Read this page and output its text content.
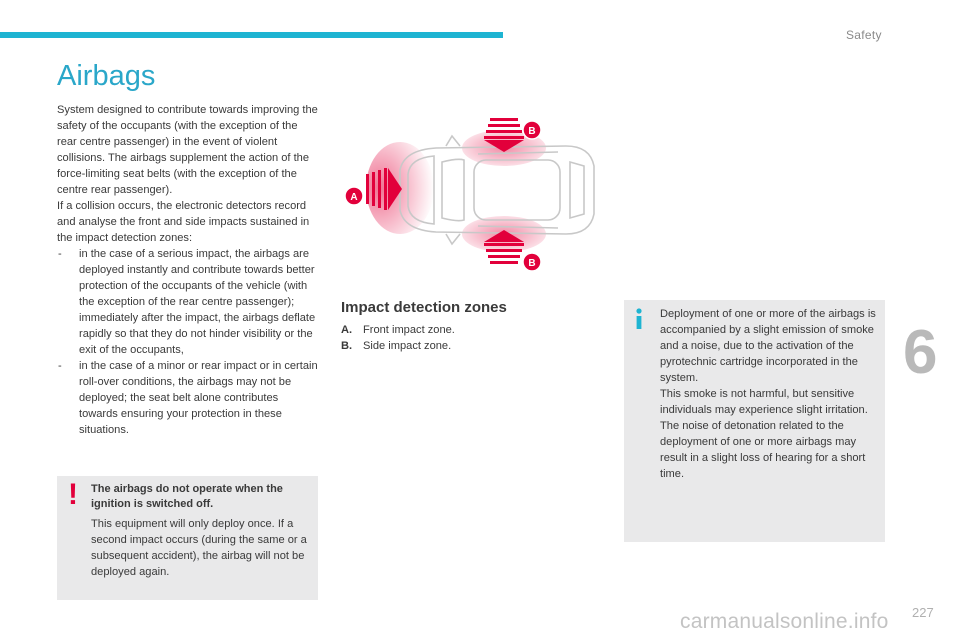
Safety
6
227
Airbags

System designed to contribute towards improving the safety of the occupants (with the exception of the rear centre passenger) in the event of violent collisions. The airbags supplement the action of the force-limiting seat belts (with the exception of the centre rear passenger).

If a collision occurs, the electronic detectors record and analyse the front and side impacts sustained in the impact detection zones:

- in the case of a serious impact, the airbags are deployed instantly and contribute towards better protection of the occupants of the vehicle (with the exception of the rear centre passenger); immediately after the impact, the airbags deflate rapidly so that they do not hinder visibility or the exit of the occupants,
- in the case of a minor or rear impact or in certain roll-over conditions, the airbags may not be deployed; the seat belt alone contributes towards ensuring your protection in these situations.
! The airbags do not operate when the ignition is switched off.
This equipment will only deploy once. If a second impact occurs (during the same or a subsequent accident), the airbag will not be deployed again.
A
B
B
Impact detection zones
A. Front impact zone.
B. Side impact zone.
Deployment of one or more of the airbags is accompanied by a slight emission of smoke and a noise, due to the activation of the pyrotechnic cartridge incorporated in the system.
This smoke is not harmful, but sensitive individuals may experience slight irritation.
The noise of detonation related to the deployment of one or more airbags may result in a slight loss of hearing for a short time.
carmanualsonline.info
